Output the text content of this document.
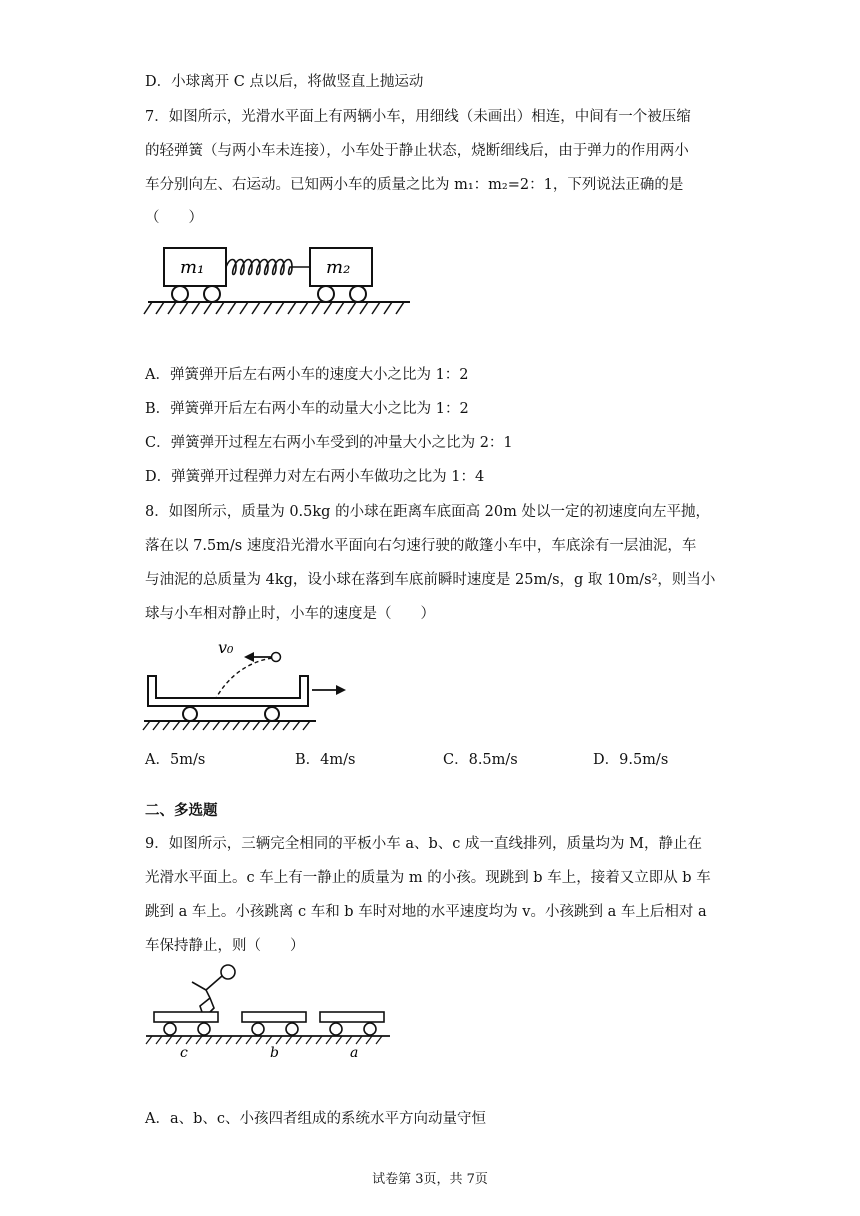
D．小球离开 C 点以后，将做竖直上抛运动
7．如图所示，光滑水平面上有两辆小车，用细线（未画出）相连，中间有一个被压缩
的轻弹簧（与两小车未连接），小车处于静止状态，烧断细线后，由于弹力的作用两小
车分别向左、右运动。已知两小车的质量之比为 m₁：m₂=2：1，下列说法正确的是
（　　）
m₁	m₂
A．弹簧弹开后左右两小车的速度大小之比为 1：2
B．弹簧弹开后左右两小车的动量大小之比为 1：2
C．弹簧弹开过程左右两小车受到的冲量大小之比为 2：1
D．弹簧弹开过程弹力对左右两小车做功之比为 1：4
8．如图所示，质量为 0.5kg 的小球在距离车底面高 20m 处以一定的初速度向左平抛，
落在以 7.5m/s 速度沿光滑水平面向右匀速行驶的敞篷小车中，车底涂有一层油泥，车
与油泥的总质量为 4kg，设小球在落到车底前瞬时速度是 25m/s，g 取 10m/s²，则当小
球与小车相对静止时，小车的速度是（　　）
v₀
A．5m/s	B．4m/s	C．8.5m/s	D．9.5m/s
二、多选题
9．如图所示，三辆完全相同的平板小车 a、b、c 成一直线排列，质量均为 M，静止在
光滑水平面上。c 车上有一静止的质量为 m 的小孩。现跳到 b 车上，接着又立即从 b 车
跳到 a 车上。小孩跳离 c 车和 b 车时对地的水平速度均为 v。小孩跳到 a 车上后相对 a
车保持静止，则（　　）
c	b	a
A．a、b、c、小孩四者组成的系统水平方向动量守恒
试卷第 3页，共 7页
